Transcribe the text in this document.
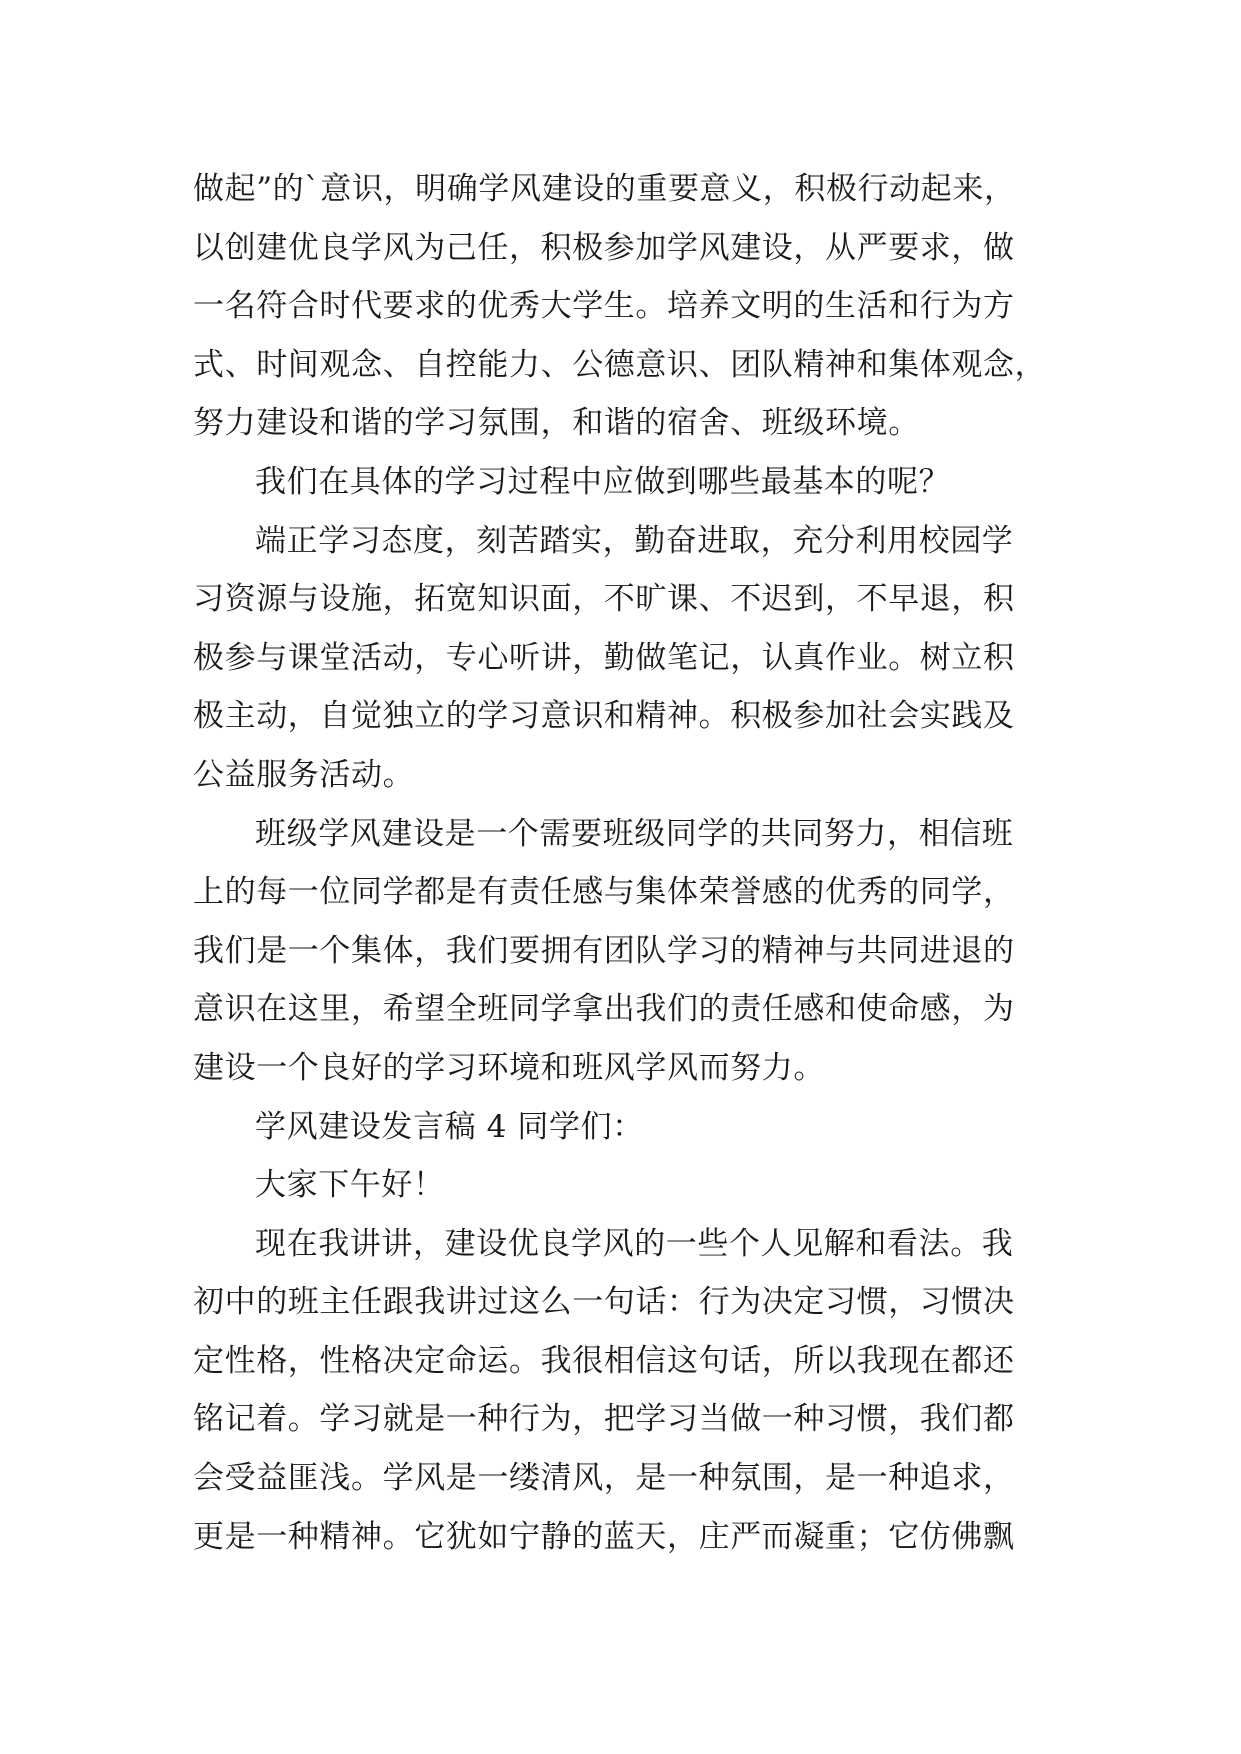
做起”的`意识，明确学风建设的重要意义，积极行动起来，
以创建优良学风为己任，积极参加学风建设，从严要求，做
一名符合时代要求的优秀大学生。培养文明的生活和行为方
式、时间观念、自控能力、公德意识、团队精神和集体观念，
努力建设和谐的学习氛围，和谐的宿舍、班级环境。

我们在具体的学习过程中应做到哪些最基本的呢？

端正学习态度，刻苦踏实，勤奋进取，充分利用校园学
习资源与设施，拓宽知识面，不旷课、不迟到，不早退，积
极参与课堂活动，专心听讲，勤做笔记，认真作业。树立积
极主动，自觉独立的学习意识和精神。积极参加社会实践及
公益服务活动。

班级学风建设是一个需要班级同学的共同努力，相信班
上的每一位同学都是有责任感与集体荣誉感的优秀的同学，
我们是一个集体，我们要拥有团队学习的精神与共同进退的
意识在这里，希望全班同学拿出我们的责任感和使命感，为
建设一个良好的学习环境和班风学风而努力。

学风建设发言稿 4 同学们：

大家下午好！

现在我讲讲，建设优良学风的一些个人见解和看法。我
初中的班主任跟我讲过这么一句话：行为决定习惯，习惯决
定性格，性格决定命运。我很相信这句话，所以我现在都还
铭记着。学习就是一种行为，把学习当做一种习惯，我们都
会受益匪浅。学风是一缕清风，是一种氛围，是一种追求，
更是一种精神。它犹如宁静的蓝天，庄严而凝重；它仿佛飘
